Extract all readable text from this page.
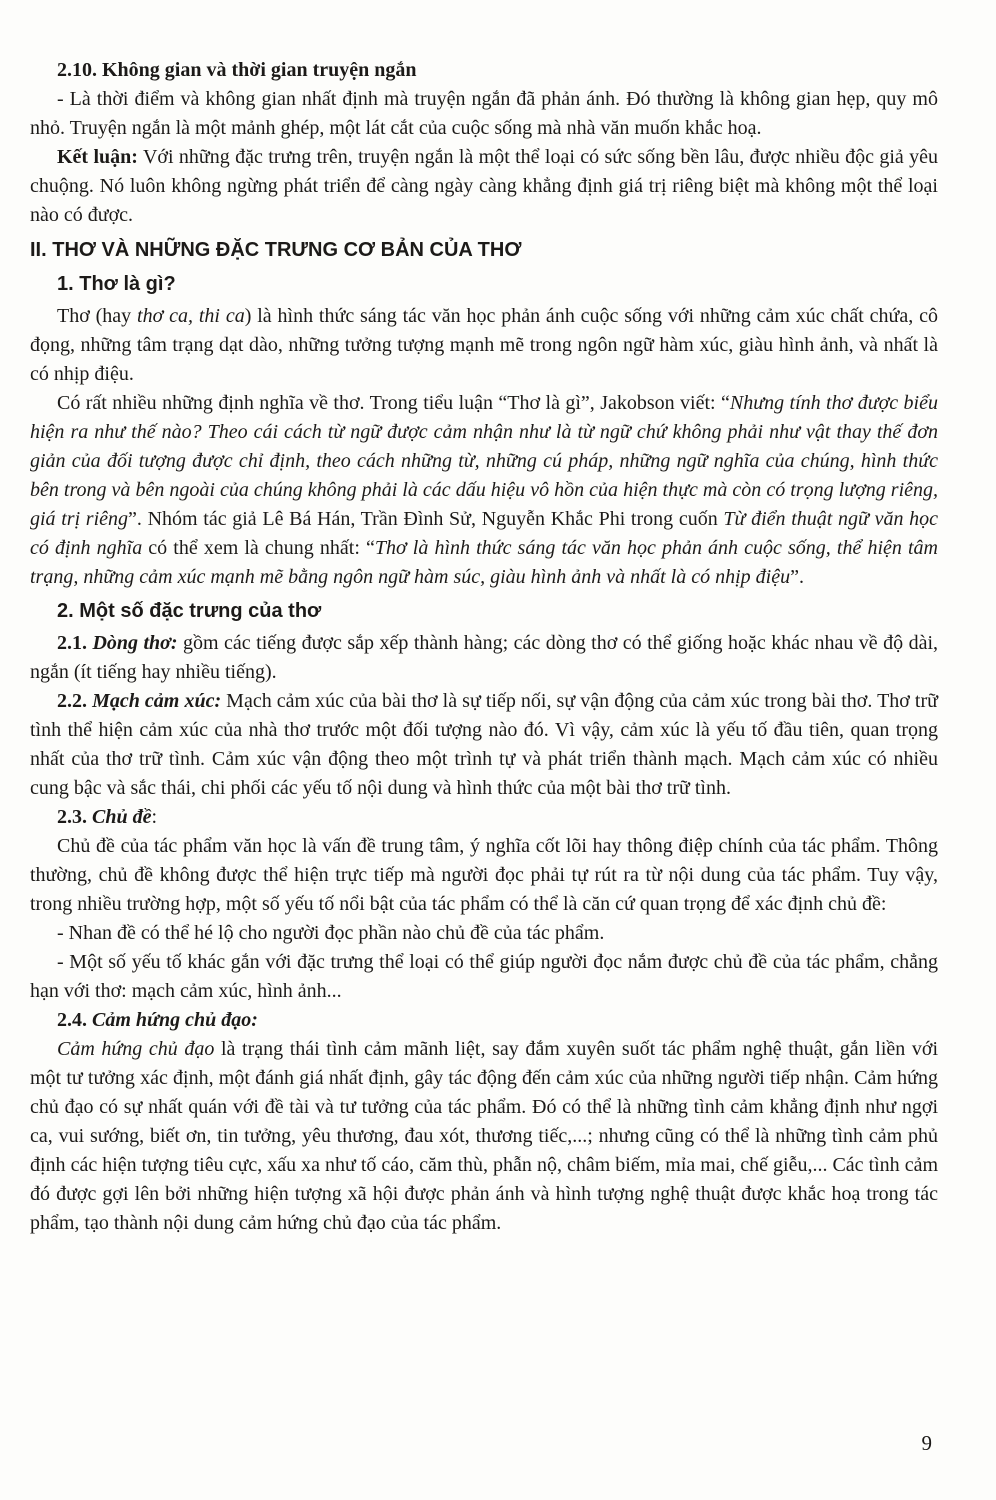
2.10. Không gian và thời gian truyện ngắn

- Là thời điểm và không gian nhất định mà truyện ngắn đã phản ánh. Đó thường là không gian hẹp, quy mô nhỏ. Truyện ngắn là một mảnh ghép, một lát cắt của cuộc sống mà nhà văn muốn khắc hoạ.

Kết luận: Với những đặc trưng trên, truyện ngắn là một thể loại có sức sống bền lâu, được nhiều độc giả yêu chuộng. Nó luôn không ngừng phát triển để càng ngày càng khẳng định giá trị riêng biệt mà không một thể loại nào có được.

II. THƠ VÀ NHỮNG ĐẶC TRƯNG CƠ BẢN CỦA THƠ
1. Thơ là gì?

Thơ (hay thơ ca, thi ca) là hình thức sáng tác văn học phản ánh cuộc sống với những cảm xúc chất chứa, cô đọng, những tâm trạng dạt dào, những tưởng tượng mạnh mẽ trong ngôn ngữ hàm xúc, giàu hình ảnh, và nhất là có nhịp điệu.

Có rất nhiều những định nghĩa về thơ. Trong tiểu luận “Thơ là gì”, Jakobson viết: “Nhưng tính thơ được biểu hiện ra như thế nào? Theo cái cách từ ngữ được cảm nhận như là từ ngữ chứ không phải như vật thay thế đơn giản của đối tượng được chỉ định, theo cách những từ, những cú pháp, những ngữ nghĩa của chúng, hình thức bên trong và bên ngoài của chúng không phải là các dấu hiệu vô hồn của hiện thực mà còn có trọng lượng riêng, giá trị riêng”. Nhóm tác giả Lê Bá Hán, Trần Đình Sử, Nguyễn Khắc Phi trong cuốn Từ điển thuật ngữ văn học có định nghĩa có thể xem là chung nhất: “Thơ là hình thức sáng tác văn học phản ánh cuộc sống, thể hiện tâm trạng, những cảm xúc mạnh mẽ bằng ngôn ngữ hàm súc, giàu hình ảnh và nhất là có nhịp điệu”.

2. Một số đặc trưng của thơ

2.1. Dòng thơ: gồm các tiếng được sắp xếp thành hàng; các dòng thơ có thể giống hoặc khác nhau về độ dài, ngắn (ít tiếng hay nhiều tiếng).

2.2. Mạch cảm xúc: Mạch cảm xúc của bài thơ là sự tiếp nối, sự vận động của cảm xúc trong bài thơ. Thơ trữ tình thể hiện cảm xúc của nhà thơ trước một đối tượng nào đó. Vì vậy, cảm xúc là yếu tố đầu tiên, quan trọng nhất của thơ trữ tình. Cảm xúc vận động theo một trình tự và phát triển thành mạch. Mạch cảm xúc có nhiều cung bậc và sắc thái, chi phối các yếu tố nội dung và hình thức của một bài thơ trữ tình.

2.3. Chủ đề:

Chủ đề của tác phẩm văn học là vấn đề trung tâm, ý nghĩa cốt lõi hay thông điệp chính của tác phẩm. Thông thường, chủ đề không được thể hiện trực tiếp mà người đọc phải tự rút ra từ nội dung của tác phẩm. Tuy vậy, trong nhiều trường hợp, một số yếu tố nổi bật của tác phẩm có thể là căn cứ quan trọng để xác định chủ đề:

- Nhan đề có thể hé lộ cho người đọc phần nào chủ đề của tác phẩm.

- Một số yếu tố khác gắn với đặc trưng thể loại có thể giúp người đọc nắm được chủ đề của tác phẩm, chẳng hạn với thơ: mạch cảm xúc, hình ảnh...

2.4. Cảm hứng chủ đạo:

Cảm hứng chủ đạo là trạng thái tình cảm mãnh liệt, say đắm xuyên suốt tác phẩm nghệ thuật, gắn liền với một tư tưởng xác định, một đánh giá nhất định, gây tác động đến cảm xúc của những người tiếp nhận. Cảm hứng chủ đạo có sự nhất quán với đề tài và tư tưởng của tác phẩm. Đó có thể là những tình cảm khẳng định như ngợi ca, vui sướng, biết ơn, tin tưởng, yêu thương, đau xót, thương tiếc,...; nhưng cũng có thể là những tình cảm phủ định các hiện tượng tiêu cực, xấu xa như tố cáo, căm thù, phẫn nộ, châm biếm, mỉa mai, chế giễu,... Các tình cảm đó được gợi lên bởi những hiện tượng xã hội được phản ánh và hình tượng nghệ thuật được khắc hoạ trong tác phẩm, tạo thành nội dung cảm hứng chủ đạo của tác phẩm.

9
